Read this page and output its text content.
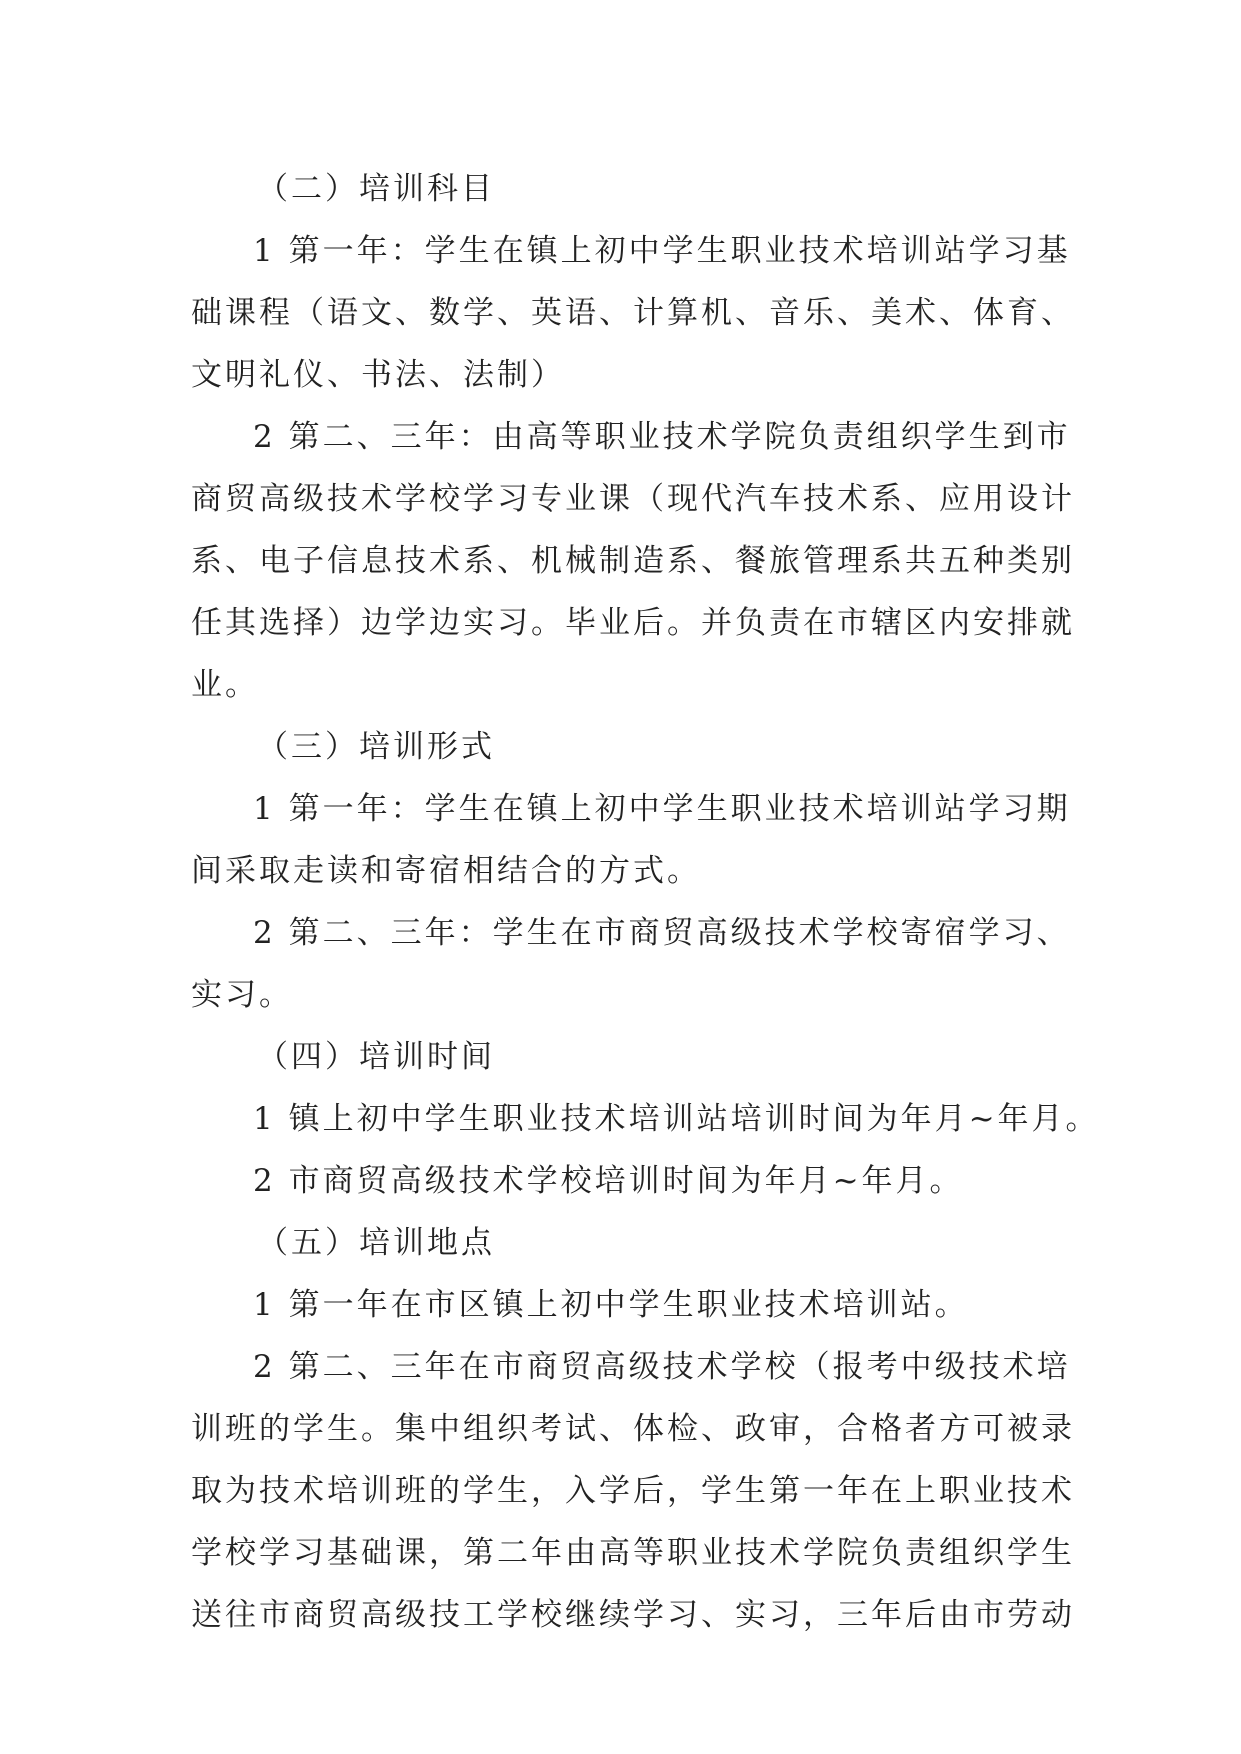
（二）培训科目

1 第一年：学生在镇上初中学生职业技术培训站学习基
础课程（语文、数学、英语、计算机、音乐、美术、体育、
文明礼仪、书法、法制）

2 第二、三年：由高等职业技术学院负责组织学生到市
商贸高级技术学校学习专业课（现代汽车技术系、应用设计
系、电子信息技术系、机械制造系、餐旅管理系共五种类别
任其选择）边学边实习。毕业后。并负责在市辖区内安排就
业。

（三）培训形式

1 第一年：学生在镇上初中学生职业技术培训站学习期
间采取走读和寄宿相结合的方式。

2 第二、三年：学生在市商贸高级技术学校寄宿学习、
实习。

（四）培训时间

1 镇上初中学生职业技术培训站培训时间为年月~年月。

2 市商贸高级技术学校培训时间为年月~年月。

（五）培训地点

1 第一年在市区镇上初中学生职业技术培训站。

2 第二、三年在市商贸高级技术学校（报考中级技术培
训班的学生。集中组织考试、体检、政审，合格者方可被录
取为技术培训班的学生，入学后，学生第一年在上职业技术
学校学习基础课，第二年由高等职业技术学院负责组织学生
送往市商贸高级技工学校继续学习、实习，三年后由市劳动
